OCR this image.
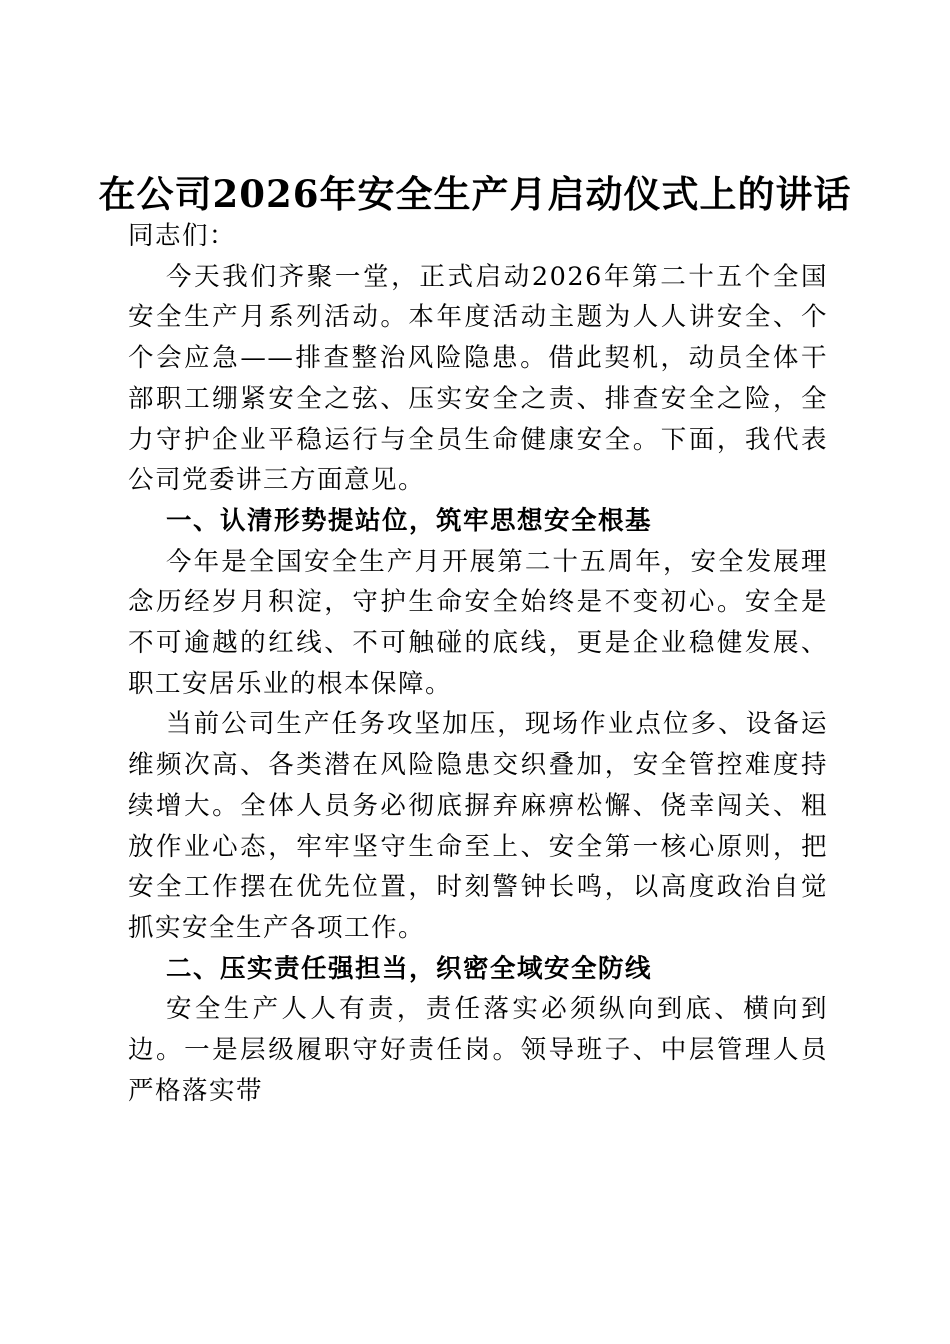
在公司2026年安全生产月启动仪式上的讲话

同志们：

今天我们齐聚一堂，正式启动2026年第二十五个全国安全生产月系列活动。本年度活动主题为人人讲安全、个个会应急——排查整治风险隐患。借此契机，动员全体干部职工绷紧安全之弦、压实安全之责、排查安全之险，全力守护企业平稳运行与全员生命健康安全。下面，我代表公司党委讲三方面意见。

一、认清形势提站位，筑牢思想安全根基

今年是全国安全生产月开展第二十五周年，安全发展理念历经岁月积淀，守护生命安全始终是不变初心。安全是不可逾越的红线、不可触碰的底线，更是企业稳健发展、职工安居乐业的根本保障。

当前公司生产任务攻坚加压，现场作业点位多、设备运维频次高、各类潜在风险隐患交织叠加，安全管控难度持续增大。全体人员务必彻底摒弃麻痹松懈、侥幸闯关、粗放作业心态，牢牢坚守生命至上、安全第一核心原则，把安全工作摆在优先位置，时刻警钟长鸣，以高度政治自觉抓实安全生产各项工作。

二、压实责任强担当，织密全域安全防线

安全生产人人有责，责任落实必须纵向到底、横向到边。一是层级履职守好责任岗。领导班子、中层管理人员严格落实带
